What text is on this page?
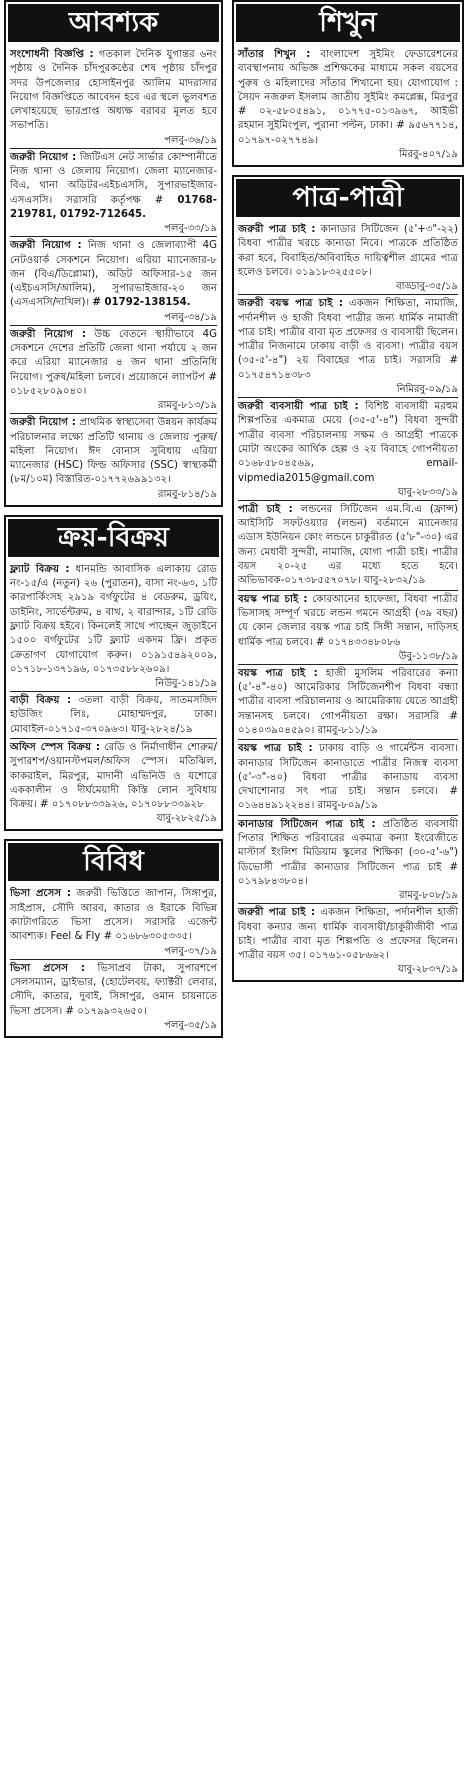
আবশ্যক
সংশোধনী বিজ্ঞপ্তি : গতকাল দৈনিক যুগান্তর ৬নং পৃষ্ঠায় ও দৈনিক চাঁদপুরকণ্ঠের শেষ পৃষ্ঠায় চাঁদপুর সদর উপজেলার হোসাইনপুর আলিম মাদরাসার নিয়োগ বিজ্ঞপ্তিতে আবেদন হবে এর স্থলে ভুলবশত লেখাহয়েছে ভারপ্রাপ্ত অধ্যক্ষ বরাবর মূলত হবে সভাপতি।
পলবু-৩৬/১৯
জরুরী নিয়োগ : জিটিএস নেট সার্ভার কোম্পানীতে নিজ থানা ও জেলায় নিয়োগ। জেলা ম্যানেজার-বিএ, থানা অডিটর-এইচএসসি, সুপারভাইজার-এসএসসি। সরাসরি কর্তৃপক্ষ # 01768-219781, 01792-712645.
পলবু-৩৩/১৯
জরুরী নিয়োগ : নিজ থানা ও জেলাব্যাপী 4G নেটওয়ার্ক সেকশনে নিয়োগ। এরিয়া ম্যানেজার-৮ জন (বিএ/ডিপ্লোমা), অডিট অফিসার-১৫ জন (এইচএসসি/আলিম), সুপারভাইজার-২০ জন (এসএসসি/দাখিল)। # 01792-138154.
পলবু-৩৪/১৯
জরুরী নিয়োগ : উচ্চ বেতনে স্থায়ীভাবে 4G সেকশনে দেশের প্রতিটি জেলা থানা পর্যায়ে ২ জন করে এরিয়া ম্যানেজার ৪ জন থানা প্রতিনিধি নিয়োগ। পুরুষ/মহিলা চলবে। প্রয়োজনে ল্যাপটপ # ০১৮৫২৮০৯০৪০।
রামবু-৮১৩/১৯
জরুরী নিয়োগ : প্রাথমিক স্বাস্থ্যসেবা উন্নয়ন কার্যক্রম পরিচালনার লক্ষ্যে প্রতিটি থানায় ও জেলায় পুরুষ/মহিলা নিয়োগ। ঈদ বোনাস সুবিধায় এরিয়া ম্যানেজার (HSC) ফিল্ড অফিসার (SSC) স্বাস্থ্যকর্মী (৮ম/১০ম) বিস্তারিত-০১৭৭২৬৯৯১৩২।
রামবু-৮১৪/১৯
ক্রয়-বিক্রয়
ফ্ল্যাট বিক্রয় : ধানমন্ডি আবাসিক এলাকায় রোড নং-১৫/এ (নতুন) ২৬ (পুরাতন), বাসা নং-৬৩, ১টি কারপার্কিংসহ ২৯১৯ বর্গফুটের ৪ বেডরুম, ড্রয়িং, ডাইনিং, সার্ভেন্টরুম, ৪ বাথ, ২ বারান্দার, ১টি রেডি ফ্ল্যাট বিক্রয় হইবে। কিনলেই সাথে পাচ্ছেন জুড়াইনে ১৫০০ বর্গফুটের ১টি ফ্ল্যাট একদম ফ্রি। প্রকৃত ক্রেতাগণ যোগাযোগ করুন। ০১৯১৫৪৯২০০৯, ০১৭১৮-১৩৭১৯৬, ০১৭৩৫৮৮২৬০৯।
নিউবু-১৪১/১৯
বাড়ী বিক্রয় : ৩তলা বাড়ী বিক্রয়, সাতমসজিদ হাউজিং লিঃ, মোহাম্মদপুর, ঢাকা। মোবাইল-০১৭১৫-৩৭০৯৬৩। যাবু-২৮২৪/১৯
অফিস স্পেস বিক্রয় : রেডি ও নির্মাণাধীন শোরুম/সুপারশপ/ওয়ানস্টপমল/অফিস স্পেস। মতিঝিল, কাকরাইল, মিরপুর, মাদানী এভিনিউ ও যশোরে এককালীন ও দীর্ঘমেয়াদী কিস্তি লোন সুবিধায় বিক্রয়। # ০১৭০৮৮৩৩৯২৬, ০১৭০৮৮৩৩৯২৮
যাবু-২৮২৫/১৯
বিবিধ
ভিসা প্রসেস : জরুরী ভিত্তিতে জাপান, সিঙ্গাপুর, সাইপ্রাস, সৌদি আরব, কাতার ও ইরাকে বিভিন্ন ক্যাটাগরিতে ভিসা প্রসেস। সরাসরি এজেন্ট আবশ্যক। Feel & Fly # ০১৬৮৬৩০৫৩৩৫।
পলবু-৩৭/১৯
ভিসা প্রসেস : ভিসাপ্রব টাকা, সুপারশপে সেলসম্যান, ড্রাইভার, (হোটেলবয়, ফ্যাক্টরী লেবার, সৌদি, কাতার, দুবাই, সিঙ্গাপুর, ওমান চায়নাতে ভিসা প্রসেস। # ০১৭৯৯৩২৬৫০।
পলবু-৩৫/১৯
শিখুন
সাঁতার শিখুন : বাংলাদেশ সুইমিং ফেডারেশনের ব্যবস্থাপনায় অভিজ্ঞ প্রশিক্ষকের মাধ্যমে সকল বয়সের পুরুষ ও মহিলাদের সাঁতার শিখানো হয়। যোগাযোগ : সৈয়দ নজরুল ইসলাম জাতীয় সুইমিং কমপ্লেক্স, মিরপুর # ০২-৫৮০৫৪৯১, ০১৭৭৫-০১৩৯৬৭, আইভী রহমান সুইমিংপুল, পুরানা পল্টন, ঢাকা। # ৯৫৬৭৭১৪, ০১৭৯৭-০২৭৭৪৯।
মিরবু-৪০৭/১৯
পাত্র-পাত্রী
জরুরী পাত্র চাই : কানাডার সিটিজেন (৫'+৩"-২২) বিধবা পাত্রীর খরচে কানাডা নিবে। পাত্রকে প্রতিষ্ঠিত করা হবে, বিবাহিত/অবিবাহিত দায়িত্বশীল গ্রামের পাত্র হলেও চলবে। ০১৯১৮৩২৫৫০৮।
বাড্ডাবু-৩৫/১৯
জরুরী বয়স্ক পাত্র চাই : একজন শিক্ষিতা, নামাজি, পর্দানশীল ও হাজী বিধবা পাত্রীর জন্য ধার্মিক নামাজী পাত্র চাই। পাত্রীর বাবা মৃত প্রফেসর ও ব্যবসায়ী ছিলেন। পাত্রীর নিজনামে ঢাকায় বাড়ী ও ব্যবসা। পাত্রীর বয়স (৩৫-৫'-৪") ২য় বিবাহের পাত্র চাই। সরাসরি # ০১৭৫৪৭১৪৩৮৩
নিমিরবু-০৯/১৯
জরুরী ব্যবসায়ী পাত্র চাই : বিশিষ্ট ব্যবসায়ী মরহুম শিল্পপতির একমাত্র মেয়ে (৩৫-৫'-৪") বিধবা সুন্দরী পাত্রীর ব্যবসা পরিচালনায় সক্ষম ও আগ্রহী পাত্রকে মোটা অংকের আর্থিক হেল্প ও ২য় বিবাহে গোপনীয়তা ০১৬৮৫৮০৪৫৬৯, email- vipmedia2015@gmail.com
যাবু-২৮৩৩/১৯
পাত্রী চাই : লন্ডনের সিটিজেন এম.বি.এ (ফ্রান্স) আইসিটি সফটওয়্যার (লন্ডন) বর্তমানে ম্যানেজার এডাস ইউনিয়ন কোং লন্ডনে চাকুরীরত (৫'৮"-৩০) এর জন্য মেধাবী সুন্দরী, নামাজি, যোগ্য পাত্রী চাই। পাত্রীর বয়স ২০-২৫ এর মধ্যে হতে হবে। অভিভাবক-০১৭৩৮৫৫৭০৭৮। যাবু-২৮৩২/১৯
বয়স্ক পাত্র চাই : কোরআনের হাফেজা, বিধবা পাত্রীর ভিসাসহ সম্পূর্ণ খরচে লন্ডন গমনে আগ্রহী (৩৯ বছর) যে কোন জেলার বয়স্ক পাত্র চাই সিঙ্গী সন্তান, দাড়িসহ ধার্মিক পাত্র চলবে। # ০১৭৪৩৩৪৮০৮৬
উবু-১১৩৮/১৯
বয়স্ক পাত্র চাই : হাজী মুসলিম পরিবারের কন্যা (৫'-৪"-৪০) আমেরিকার সিটিজেনশীপ বিধবা বন্ধ্যা পাত্রীর ব্যবসা পরিচালনায় ও আমেরিকায় যেতে আগ্রহী সন্তানসহ চলবে। গোপনীয়তা রক্ষা। সরাসরি # ০১৪০৩৯০৪৫৯০। রামবু-৮১১/১৯
বয়স্ক পাত্র চাই : ঢাকায় বাড়ি ও গার্মেন্টস ব্যবসা। কানাডার সিটিজেন কানাডাতে পাত্রীর নিজস্ব ব্যবসা (৫'-৩"-৪০) বিধবা পাত্রীর কানাডায় ব্যবসা দেখাশোনার সৎ পাত্র চাই। সন্তান চলবে। # ০১৬৪৪৯১২২৪৪। রামবু-৮০৯/১৯
কানাডার সিটিজেন পাত্র চাই : প্রতিষ্ঠিত ব্যবসায়ী পিতার শিক্ষিত পরিবারের একমাত্র কন্যা ইংরেজীতে মাস্টার্স ইংলিশ মিডিয়াম স্কুলের শিক্ষিকা (৩০-৫'-৬") ডিভোর্সী পাত্রীর কানাডার সিটিজেন পাত্র চাই # ০১৭৯৮৪৩৮০৪।
রামবু-৮০৮/১৯
জরুরী পাত্র চাই : একজন শিক্ষিতা, পর্দানশীল হাজী বিধবা কন্যার জন্য ধার্মিক ব্যবসায়ী/চাকুরীজীবী পাত্র চাই। পাত্রীর বাবা মৃত শিল্পপতি ও প্রফেসর ছিলেন। পাত্রীর বয়স ৩৫। ০১৭৬১-০৫৮৬৬২।
যাবু-২৮৩৭/১৯
